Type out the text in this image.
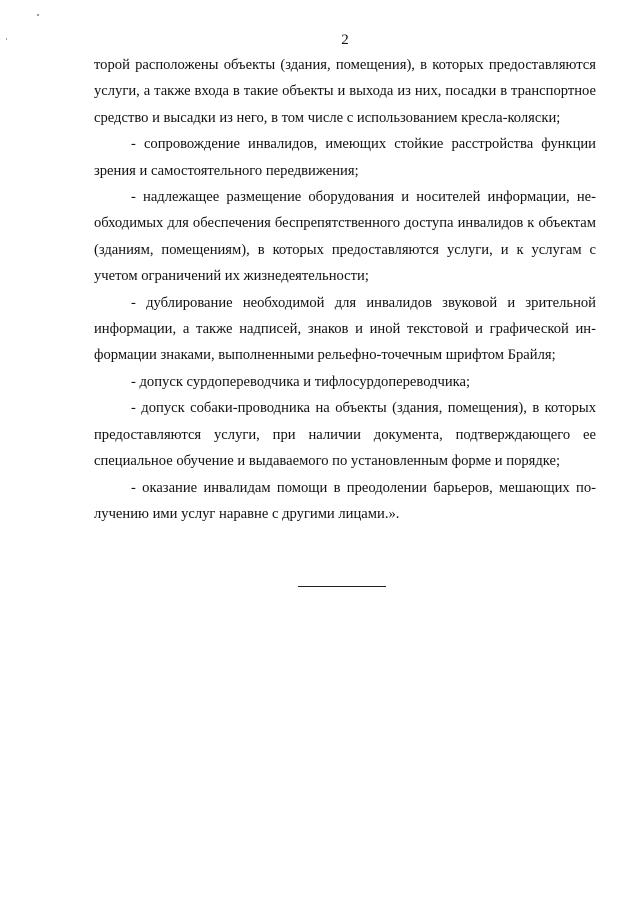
2

торой расположены объекты (здания, помещения), в которых предоставляются услуги, а также входа в такие объекты и выхода из них, посадки в транспортное средство и высадки из него, в том числе с использованием кресла-коляски;

- сопровождение инвалидов, имеющих стойкие расстройства функции зрения и самостоятельного передвижения;

- надлежащее размещение оборудования и носителей информации, необходимых для обеспечения беспрепятственного доступа инвалидов к объектам (зданиям, помещениям), в которых предоставляются услуги, и к услугам с учетом ограничений их жизнедеятельности;

- дублирование необходимой для инвалидов звуковой и зрительной информации, а также надписей, знаков и иной текстовой и графической информации знаками, выполненными рельефно-точечным шрифтом Брайля;

- допуск сурдопереводчика и тифлосурдопереводчика;

- допуск собаки-проводника на объекты (здания, помещения), в которых предоставляются услуги, при наличии документа, подтверждающего ее специальное обучение и выдаваемого по установленным форме и порядке;

- оказание инвалидам помощи в преодолении барьеров, мешающих получению ими услуг наравне с другими лицами.».
